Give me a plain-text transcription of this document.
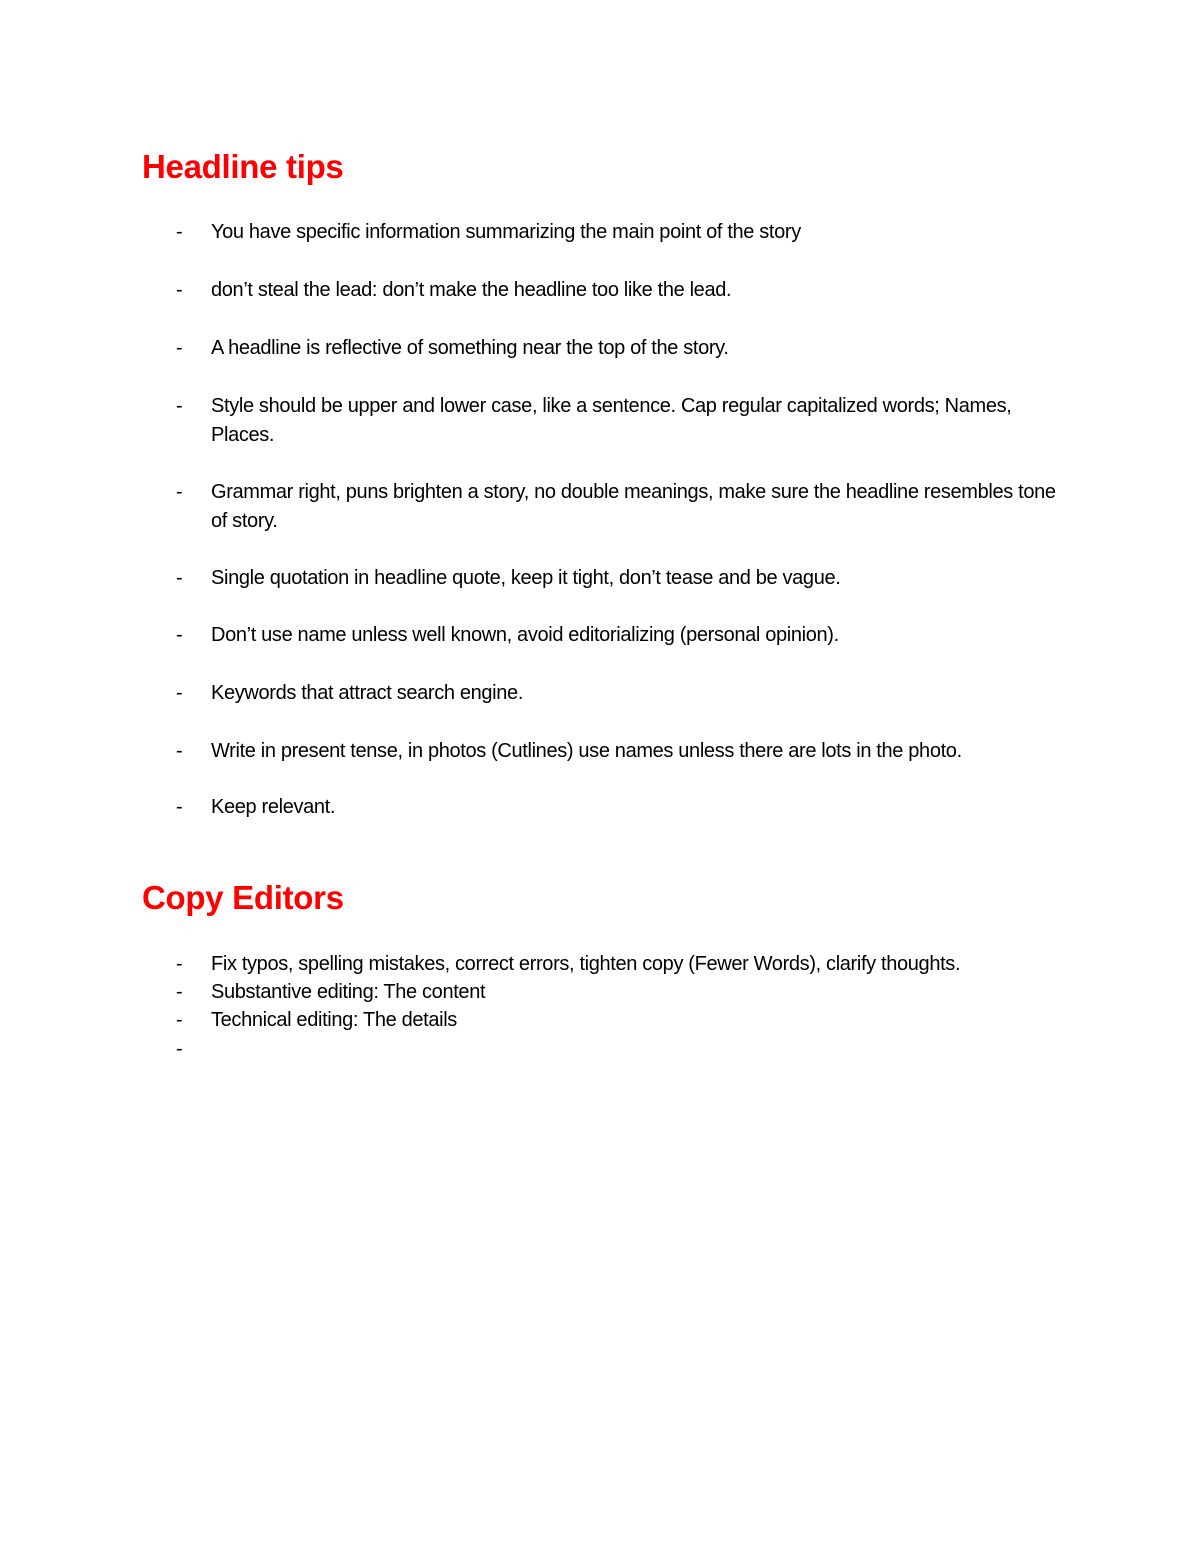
Headline tips
- You have specific information summarizing the main point of the story
- don’t steal the lead: don’t make the headline too like the lead.
- A headline is reflective of something near the top of the story.
- Style should be upper and lower case, like a sentence. Cap regular capitalized words; Names, Places.
- Grammar right, puns brighten a story, no double meanings, make sure the headline resembles tone of story.
- Single quotation in headline quote, keep it tight, don’t tease and be vague.
- Don’t use name unless well known, avoid editorializing (personal opinion).
- Keywords that attract search engine.
- Write in present tense, in photos (Cutlines) use names unless there are lots in the photo.
- Keep relevant.
Copy Editors
- Fix typos, spelling mistakes, correct errors, tighten copy (Fewer Words), clarify thoughts.
- Substantive editing: The content
- Technical editing: The details
-
